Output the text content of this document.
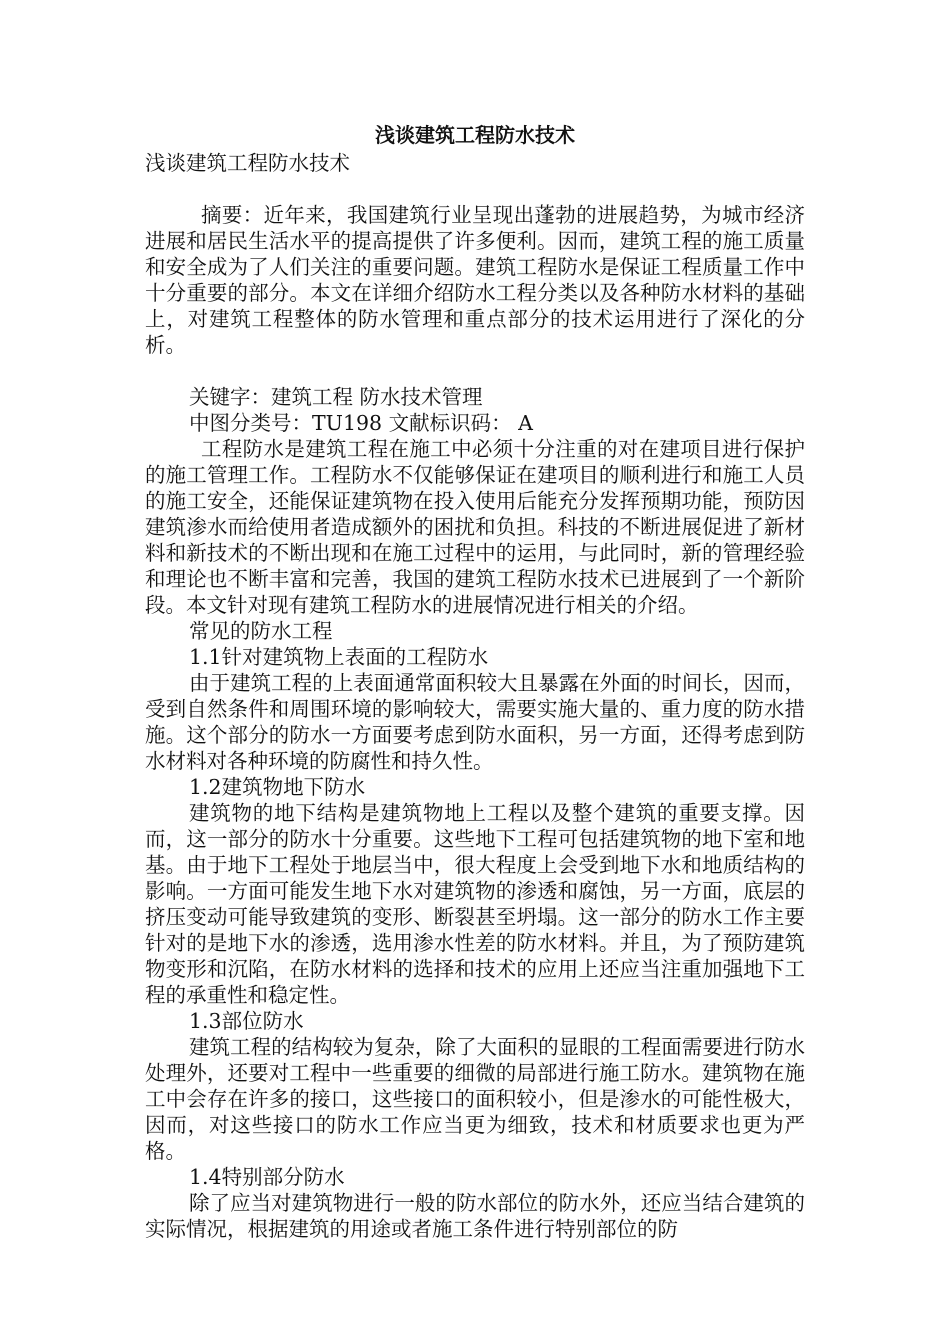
浅谈建筑工程防水技术

浅谈建筑工程防水技术

摘要：近年来，我国建筑行业呈现出蓬勃的进展趋势，为城市经济进展和居民生活水平的提高提供了许多便利。因而，建筑工程的施工质量和安全成为了人们关注的重要问题。建筑工程防水是保证工程质量工作中十分重要的部分。本文在详细介绍防水工程分类以及各种防水材料的基础上，对建筑工程整体的防水管理和重点部分的技术运用进行了深化的分析。

关键字：建筑工程 防水技术管理

中图分类号：TU198 文献标识码： A

工程防水是建筑工程在施工中必须十分注重的对在建项目进行保护的施工管理工作。工程防水不仅能够保证在建项目的顺利进行和施工人员的施工安全，还能保证建筑物在投入使用后能充分发挥预期功能，预防因建筑渗水而给使用者造成额外的困扰和负担。科技的不断进展促进了新材料和新技术的不断出现和在施工过程中的运用，与此同时，新的管理经验和理论也不断丰富和完善，我国的建筑工程防水技术已进展到了一个新阶段。本文针对现有建筑工程防水的进展情况进行相关的介绍。

常见的防水工程

1.1针对建筑物上表面的工程防水

由于建筑工程的上表面通常面积较大且暴露在外面的时间长，因而，受到自然条件和周围环境的影响较大，需要实施大量的、重力度的防水措施。这个部分的防水一方面要考虑到防水面积，另一方面，还得考虑到防水材料对各种环境的防腐性和持久性。

1.2建筑物地下防水

建筑物的地下结构是建筑物地上工程以及整个建筑的重要支撑。因而，这一部分的防水十分重要。这些地下工程可包括建筑物的地下室和地基。由于地下工程处于地层当中，很大程度上会受到地下水和地质结构的影响。一方面可能发生地下水对建筑物的渗透和腐蚀，另一方面，底层的挤压变动可能导致建筑的变形、断裂甚至坍塌。这一部分的防水工作主要针对的是地下水的渗透，选用渗水性差的防水材料。并且，为了预防建筑物变形和沉陷，在防水材料的选择和技术的应用上还应当注重加强地下工程的承重性和稳定性。

1.3部位防水

建筑工程的结构较为复杂，除了大面积的显眼的工程面需要进行防水处理外，还要对工程中一些重要的细微的局部进行施工防水。建筑物在施工中会存在许多的接口，这些接口的面积较小，但是渗水的可能性极大，因而，对这些接口的防水工作应当更为细致，技术和材质要求也更为严格。

1.4特别部分防水

除了应当对建筑物进行一般的防水部位的防水外，还应当结合建筑的实际情况，根据建筑的用途或者施工条件进行特别部位的防
